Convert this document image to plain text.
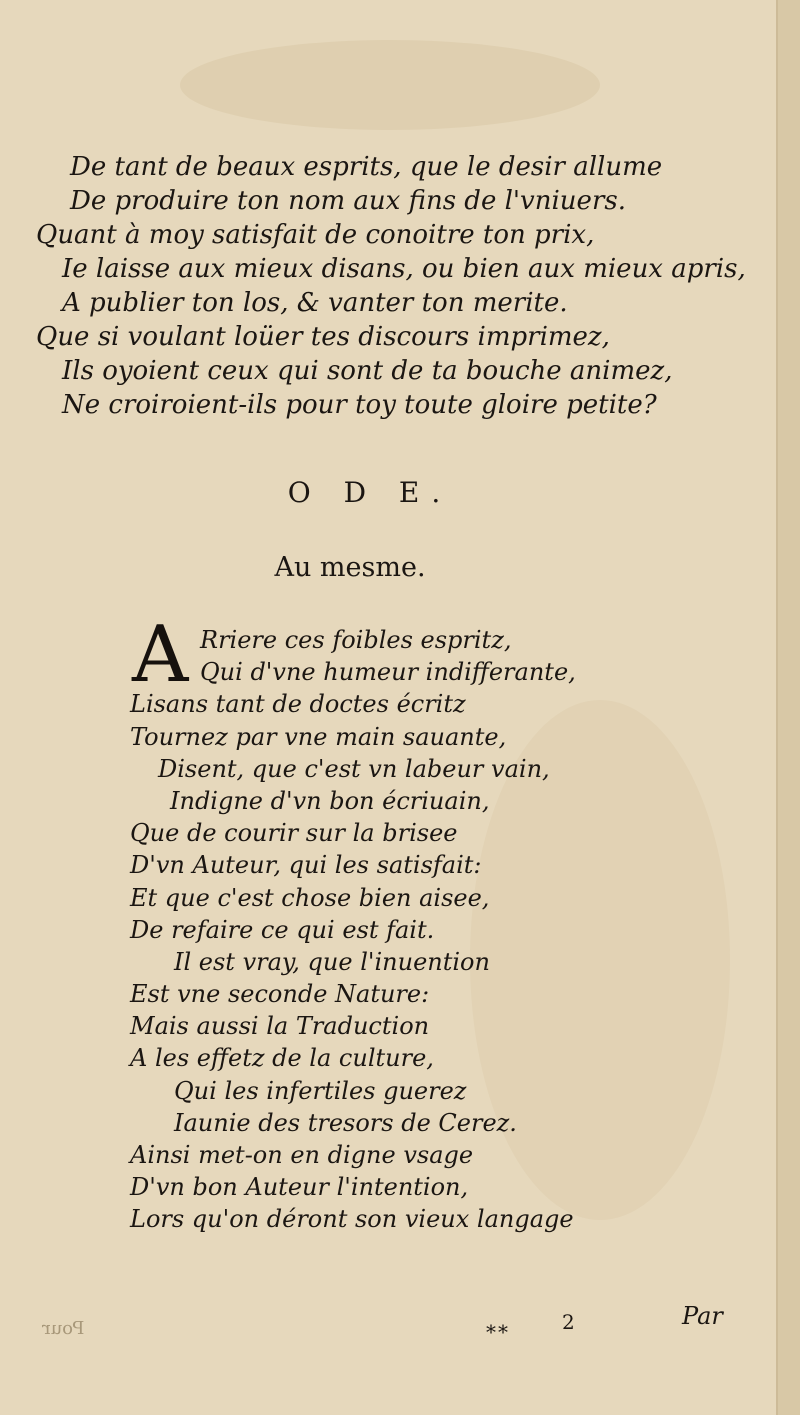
De tant de beaux esprits, que le desir allume
De produire ton nom aux fins de l'vniuers.
Quant à moy satisfait de conoitre ton prix,
Ie laisse aux mieux disans, ou bien aux mieux apris,
A publier ton los, & vanter ton merite.
Que si voulant loüer tes discours imprimez,
Ils oyoient ceux qui sont de ta bouche animez,
Ne croiroient-ils pour toy toute gloire petite?
O D E.
Au mesme.
A Rriere ces foibles espritz,
Qui d'vne humeur indifferante,
Lisans tant de doctes écritz
Tournez par vne main sauante,
Disent, que c'est vn labeur vain,
Indigne d'vn bon écriuain,
Que de courir sur la brisee
D'vn Auteur, qui les satisfait:
Et que c'est chose bien aisee,
De refaire ce qui est fait.
Il est vray, que l'inuention
Est vne seconde Nature:
Mais aussi la Traduction
A les effetz de la culture,
Qui les infertiles guerez
Iaunie des tresors de Cerez.
Ainsi met-on en digne vsage
D'vn bon Auteur l'intention,
Lors qu'on déront son vieux langage
Pour	**	2	Par
